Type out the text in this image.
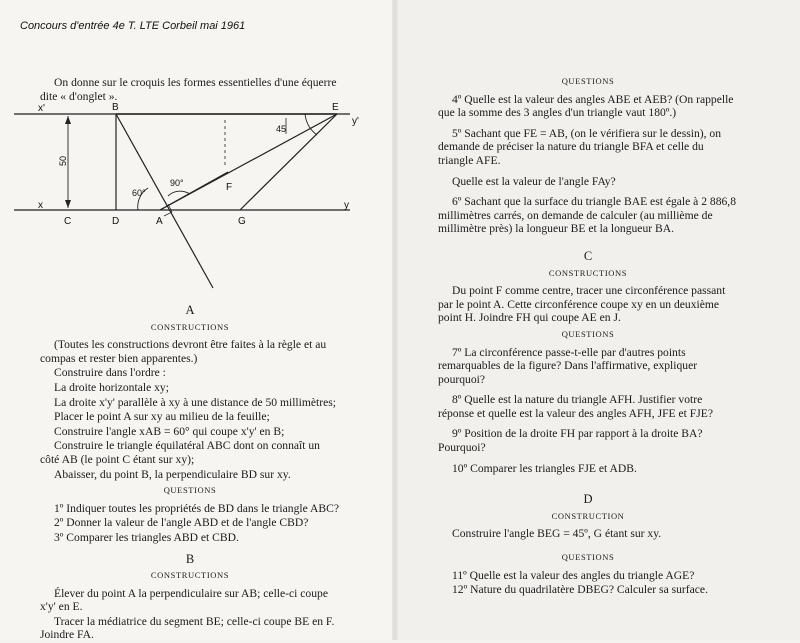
Concours d'entrée 4e T. LTE Corbeil mai 1961

On donne sur le croquis les formes essentielles d'une équerre dite « d'onglet ».

x'	B	E
y'
x
C	D	A	G
y
F
50
60°
90°
45
A
CONSTRUCTIONS

(Toutes les constructions devront être faites à la règle et au compas et rester bien apparentes.)

Construire dans l'ordre :

La droite horizontale xy;

La droite x'y' parallèle à xy à une distance de 50 millimètres;

Placer le point A sur xy au milieu de la feuille;

Construire l'angle xAB = 60° qui coupe x'y' en B;

Construire le triangle équilatéral ABC dont on connaît un côté AB (le point C étant sur xy);

Abaisser, du point B, la perpendiculaire BD sur xy.

QUESTIONS

1º Indiquer toutes les propriétés de BD dans le triangle ABC?

2º Donner la valeur de l'angle ABD et de l'angle CBD?

3º Comparer les triangles ABD et CBD.

B
CONSTRUCTIONS

Élever du point A la perpendiculaire sur AB; celle-ci coupe x'y' en E.

Tracer la médiatrice du segment BE; celle-ci coupe BE en F. Joindre FA.

QUESTIONS

4º Quelle est la valeur des angles ABE et AEB? (On rappelle que la somme des 3 angles d'un triangle vaut 180º.)

5º Sachant que FE = AB, (on le vérifiera sur le dessin), on demande de préciser la nature du triangle BFA et celle du triangle AFE.

Quelle est la valeur de l'angle FAy?

6º Sachant que la surface du triangle BAE est égale à 2 886,8 millimètres carrés, on demande de calculer (au millième de millimètre près) la longueur BE et la longueur BA.

C
CONSTRUCTIONS

Du point F comme centre, tracer une circonférence passant par le point A. Cette circonférence coupe xy en un deuxième point H. Joindre FH qui coupe AE en J.

QUESTIONS

7º La circonférence passe-t-elle par d'autres points remarquables de la figure? Dans l'affirmative, expliquer pourquoi?

8º Quelle est la nature du triangle AFH. Justifier votre réponse et quelle est la valeur des angles AFH, JFE et FJE?

9º Position de la droite FH par rapport à la droite BA? Pourquoi?

10º Comparer les triangles FJE et ADB.

D
CONSTRUCTION

Construire l'angle BEG = 45º, G étant sur xy.

QUESTIONS

11º Quelle est la valeur des angles du triangle AGE?

12º Nature du quadrilatère DBEG? Calculer sa surface.
